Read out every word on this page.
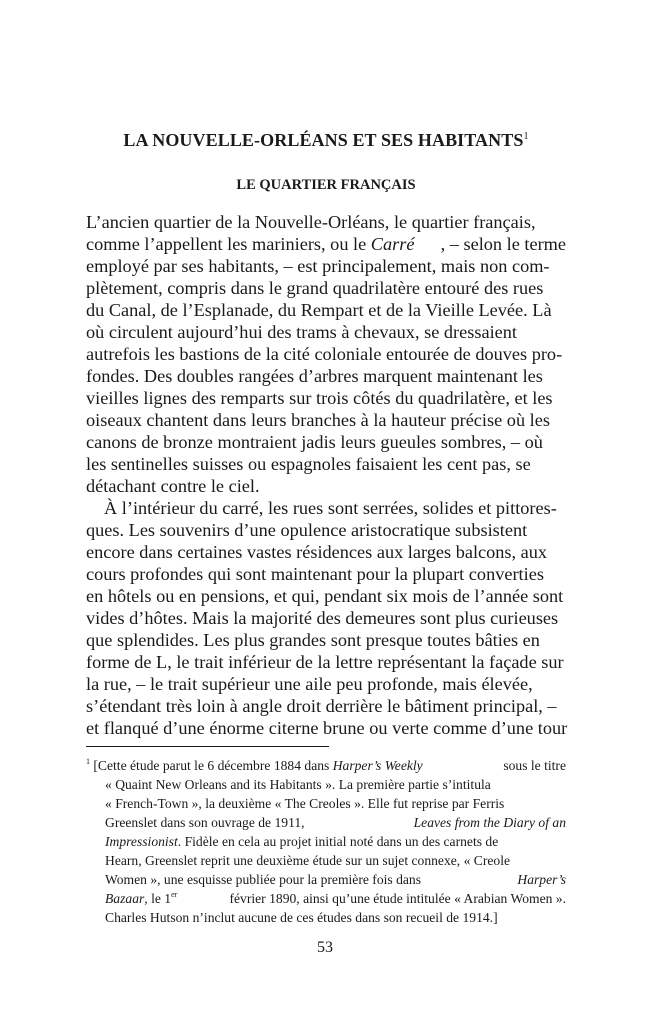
LA NOUVELLE-ORLÉANS ET SES HABITANTS$^1$
LE QUARTIER FRANÇAIS
L’ancien quartier de la Nouvelle-Orléans, le quartier français,
comme l’appellent les mariniers, ou le Carré , – selon le terme
employé par ses habitants, – est principalement, mais non com-
plètement, compris dans le grand quadrilatère entouré des rues
du Canal, de l’Esplanade, du Rempart et de la Vieille Levée. Là
où circulent aujourd’hui des trams à chevaux, se dressaient
autrefois les bastions de la cité coloniale entourée de douves pro-
fondes. Des doubles rangées d’arbres marquent maintenant les
vieilles lignes des remparts sur trois côtés du quadrilatère, et les
oiseaux chantent dans leurs branches à la hauteur précise où les
canons de bronze montraient jadis leurs gueules sombres, – où
les sentinelles suisses ou espagnoles faisaient les cent pas, se
détachant contre le ciel.
À l’intérieur du carré, les rues sont serrées, solides et pittores-
ques. Les souvenirs d’une opulence aristocratique subsistent
encore dans certaines vastes résidences aux larges balcons, aux
cours profondes qui sont maintenant pour la plupart converties
en hôtels ou en pensions, et qui, pendant six mois de l’année sont
vides d’hôtes. Mais la majorité des demeures sont plus curieuses
que splendides. Les plus grandes sont presque toutes bâties en
forme de L, le trait inférieur de la lettre représentant la façade sur
la rue, – le trait supérieur une aile peu profonde, mais élevée,
s’étendant très loin à angle droit derrière le bâtiment principal, –
et flanqué d’une énorme citerne brune ou verte comme d’une tour
$^1$ [Cette étude parut le 6 décembre 1884 dans Harper’s Weekly	sous le titre
« Quaint New Orleans and its Habitants ». La première partie s’intitula
« French-Town », la deuxième « The Creoles ». Elle fut reprise par Ferris
Greenslet dans son ouvrage de 1911,	Leaves from the Diary of an
Impressionist. Fidèle en cela au projet initial noté dans un des carnets de
Hearn, Greenslet reprit une deuxième étude sur un sujet connexe, « Creole
Women », une esquisse publiée pour la première fois dans	Harper’s
Bazaar, le 1er	février 1890, ainsi qu’une étude intitulée « Arabian Women ».
Charles Hutson n’inclut aucune de ces études dans son recueil de 1914.]
53
